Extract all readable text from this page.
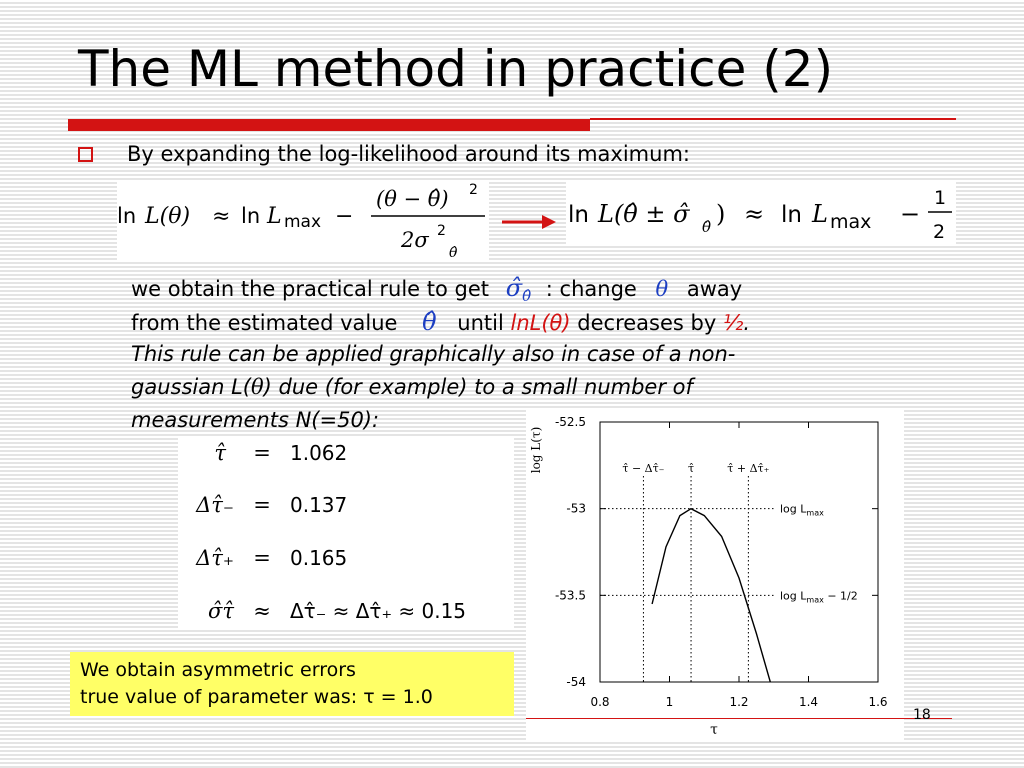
The ML method in practice (2)
By expanding the log-likelihood around its maximum:
ln L(θ) ≈ ln L max −
(θ − θ̂) 2
2σ 2
θ̂
ln L(θ̂ ± σ̂ θ̂ ) ≈ ln L max −
1
2
we obtain the practical rule to get $\sigmâ_{\thetâ}$ : change θ away
from the estimated value θ̂ until lnL(θ) decreases by ½.
This rule can be applied graphically also in case of a non-
gaussian L(θ) due (for example) to a small number of
measurements N(=50):
τ̂ = 1.062
Δτ̂₋ = 0.137
Δτ̂₊ = 0.165
σ̂τ̂ ≈ Δτ̂₋ ≈ Δτ̂₊ ≈ 0.15
0.8	1	1.2	1.4	1.6
-52.5
-53
-53.5
-54
τ
log L(τ)
$\log L_{max}$
$\log L_{max} - 1/2$
τ̂ − Δτ̂₋ τ̂	τ̂ + Δτ̂₊
We obtain asymmetric errors
true value of parameter was: τ = 1.0
18
